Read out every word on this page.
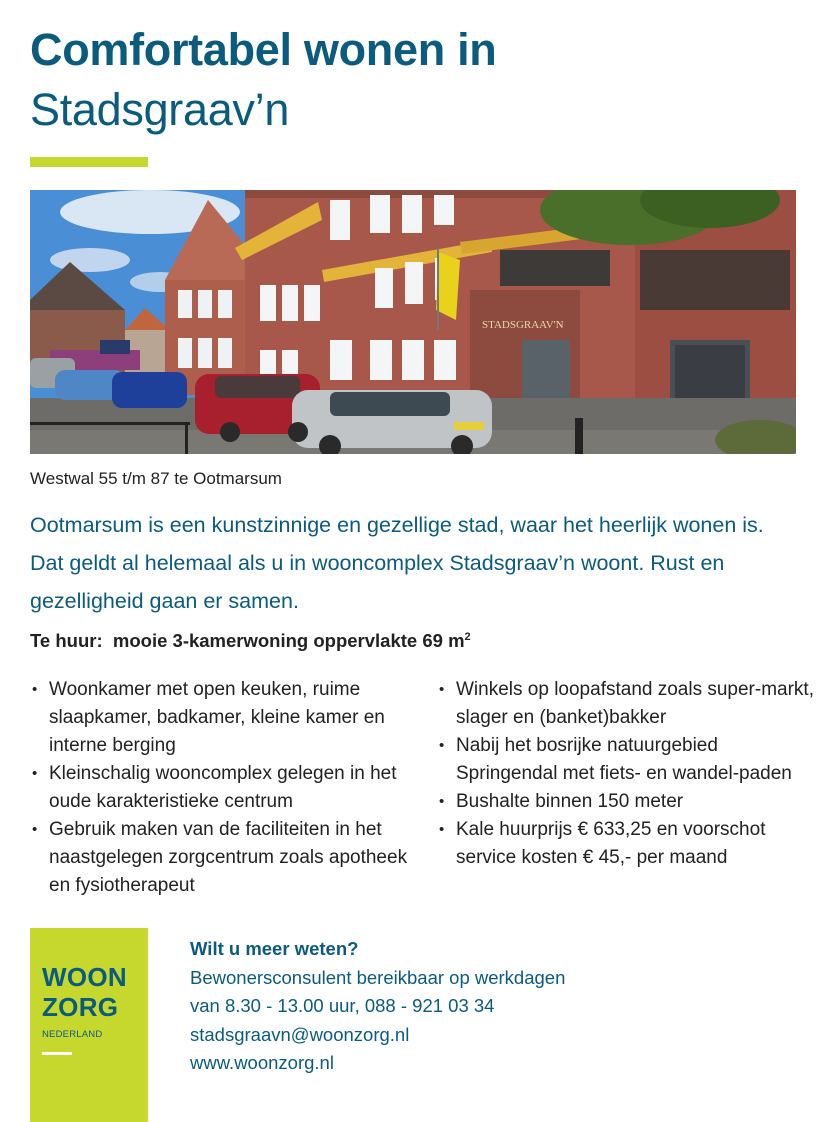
Comfortabel wonen in
Stadsgraav’n
STADSGRAAV'N
Westwal 55 t/m 87 te Ootmarsum

Ootmarsum is een kunstzinnige en gezellige stad, waar het heerlijk wonen is. Dat geldt al helemaal als u in wooncomplex Stadsgraav’n woont. Rust en gezelligheid gaan er samen.

Te huur: mooie 3-kamerwoning oppervlakte 69 $m^2$
• Woonkamer met open keuken, ruime slaapkamer, badkamer, kleine kamer en interne berging
• Kleinschalig wooncomplex gelegen in het oude karakteristieke centrum
• Gebruik maken van de faciliteiten in het naastgelegen zorgcentrum zoals apotheek en fysiotherapeut
• Winkels op loopafstand zoals super-markt, slager en (banket)bakker
• Nabij het bosrijke natuurgebied Springendal met fiets- en wandel-paden
• Bushalte binnen 150 meter
• Kale huurprijs € 633,25 en voorschot service kosten € 45,- per maand
WOON
ZORG
NEDERLAND
Wilt u meer weten?
Bewonersconsulent bereikbaar op werkdagen
van 8.30 - 13.00 uur, 088 - 921 03 34
stadsgraavn@woonzorg.nl
www.woonzorg.nl
